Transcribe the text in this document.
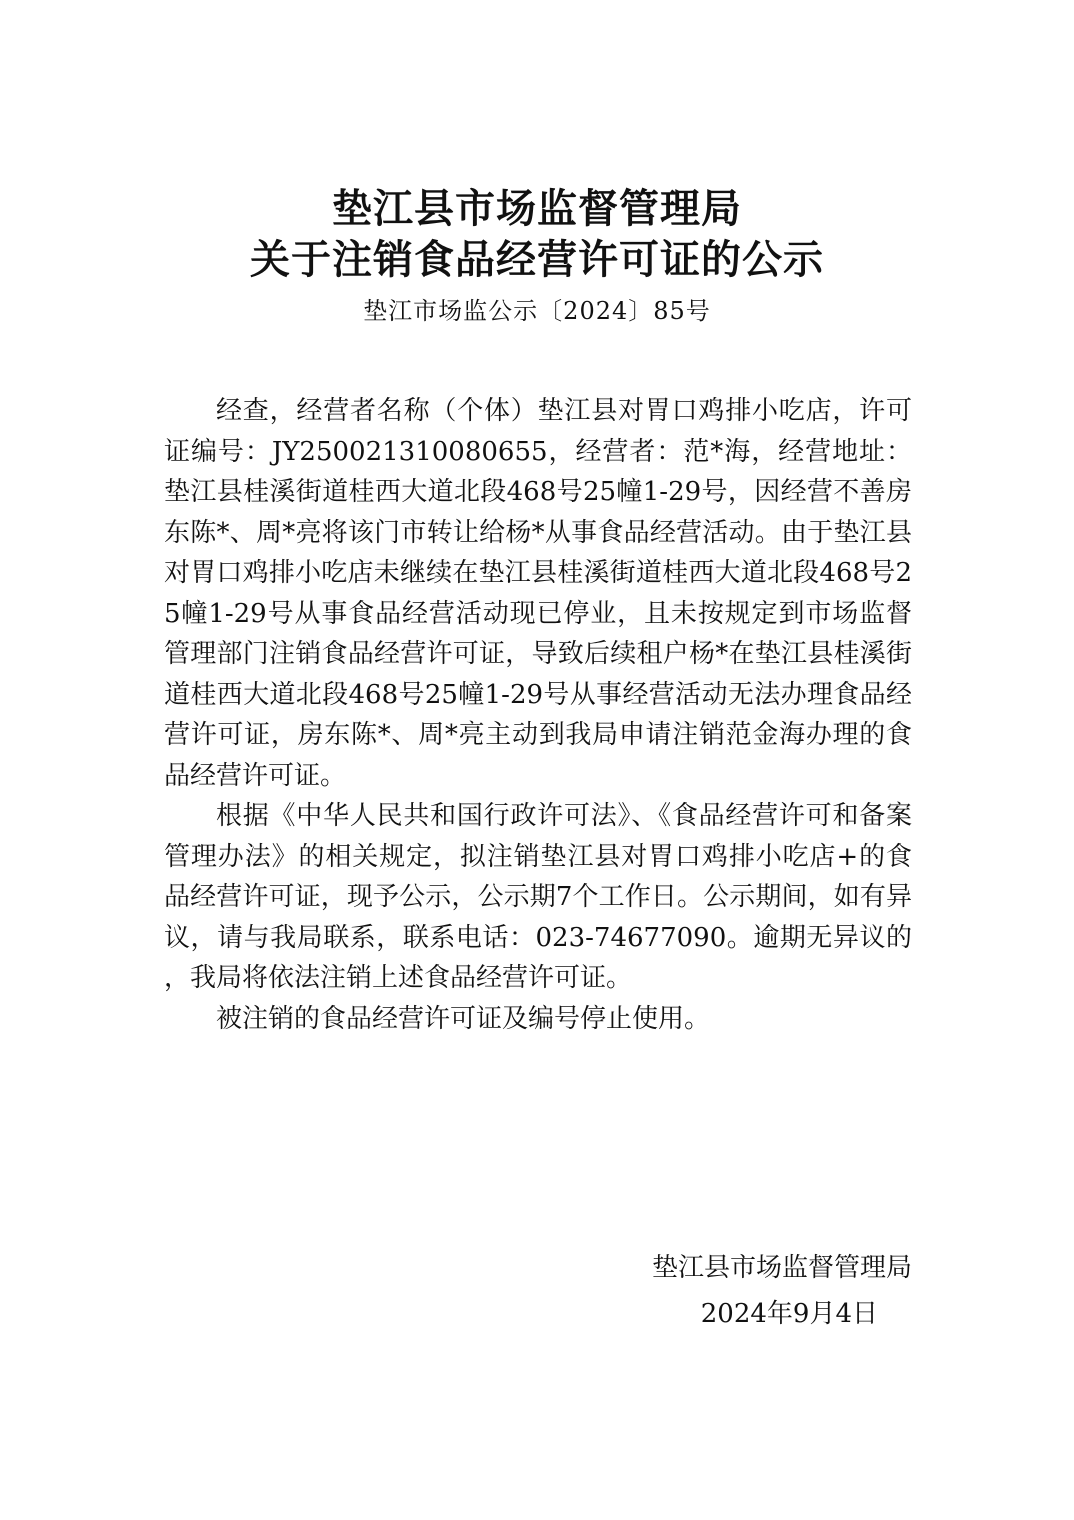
垫江县市场监督管理局
关于注销食品经营许可证的公示
垫江市场监公示〔2024〕85号

经查，经营者名称（个体）垫江县对胃口鸡排小吃店，许可证编号：JY25002131008065​5，经营者：范*海，经营地址：垫江县桂溪街道桂西大道北段468号25幢1-29号，因经营不善房东陈*、周*亮将该门市转让给杨*从事食品经营活动。由于垫江县对胃口鸡排小吃店未继续在垫江县桂溪街道桂西大道北段468号25幢1-29号从事食品经营活动现已停业，且未按规定到市场监督管理部门注销食品经营许可证，导致后续租户杨*在垫江县桂溪街道桂西大道北段468号25幢1-29号从事经营活动无法办理食品经营许可证，房东陈*、周*亮主动到我局申请注销范金海办理的食品经营许可证。

根据《中华人民共和国行政许可法》、《食品经营许可和备案管理办法》的相关规定，拟注销垫江县对胃口鸡排小吃店+的食品经营许可证，现予公示，公示期7个工作日。公示期间，如有异议，请与我局联系，联系电话：023-74677090。逾期无异议的，我局将依法注销上述食品经营许可证。

被注销的食品经营许可证及编号停止使用。

垫江县市场监督管理局
2024年9月4日
